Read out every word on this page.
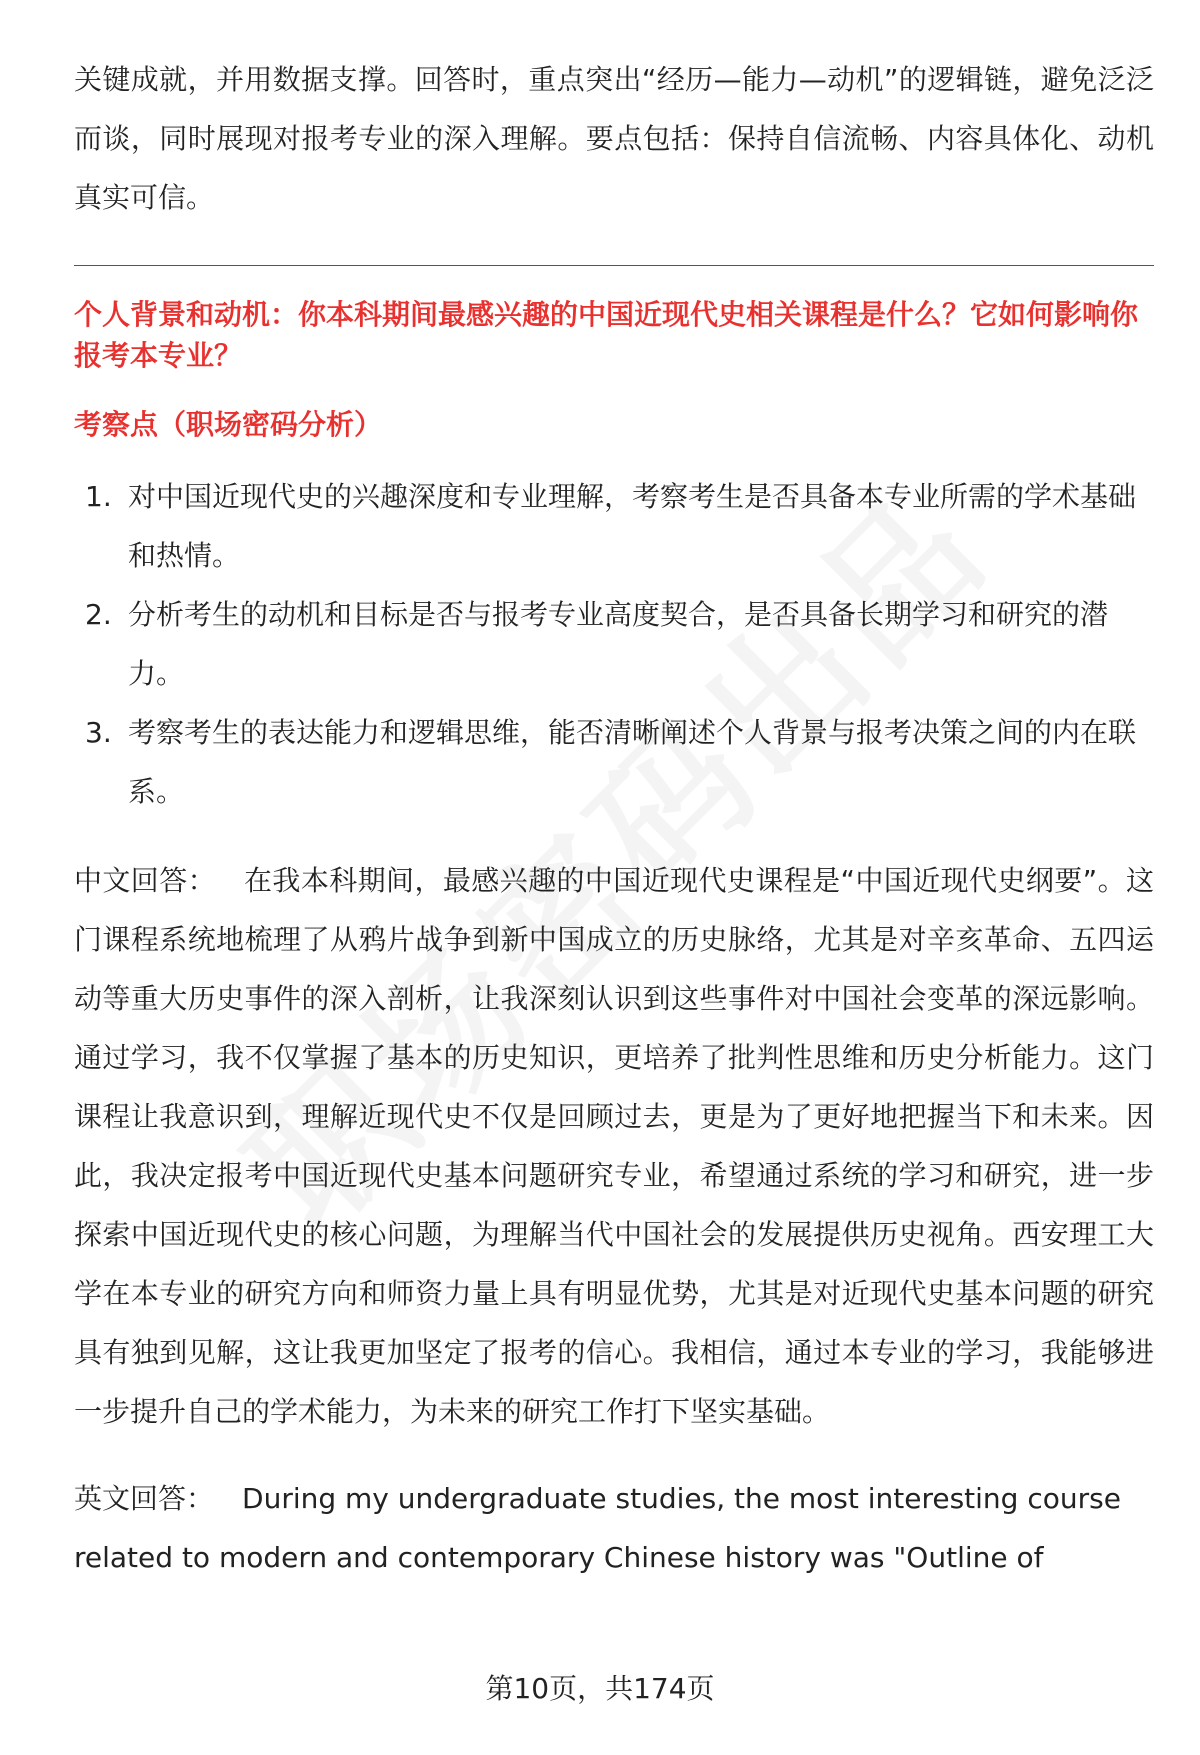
关键成就，并用数据支撑。回答时，重点突出“经历—能力—动机”的逻辑链，避免泛泛而谈，同时展现对报考专业的深入理解。要点包括：保持自信流畅、内容具体化、动机真实可信。

个人背景和动机：你本科期间最感兴趣的中国近现代史相关课程是什么？它如何影响你报考本专业？

考察点（职场密码分析）

1. 对中国近现代史的兴趣深度和专业理解，考察考生是否具备本专业所需的学术基础和热情。
2. 分析考生的动机和目标是否与报考专业高度契合，是否具备长期学习和研究的潜力。
3. 考察考生的表达能力和逻辑思维，能否清晰阐述个人背景与报考决策之间的内在联系。
中文回答： 在我本科期间，最感兴趣的中国近现代史课程是“中国近现代史纲要”。这门课程系统地梳理了从鸦片战争到新中国成立的历史脉络，尤其是对辛亥革命、五四运动等重大历史事件的深入剖析，让我深刻认识到这些事件对中国社会变革的深远影响。通过学习，我不仅掌握了基本的历史知识，更培养了批判性思维和历史分析能力。这门课程让我意识到，理解近现代史不仅是回顾过去，更是为了更好地把握当下和未来。因此，我决定报考中国近现代史基本问题研究专业，希望通过系统的学习和研究，进一步探索中国近现代史的核心问题，为理解当代中国社会的发展提供历史视角。西安理工大学在本专业的研究方向和师资力量上具有明显优势，尤其是对近现代史基本问题的研究具有独到见解，这让我更加坚定了报考的信心。我相信，通过本专业的学习，我能够进一步提升自己的学术能力，为未来的研究工作打下坚实基础。
英文回答： During my undergraduate studies, the most interesting course related to modern and contemporary Chinese history was "Outline of
第10页，共174页
